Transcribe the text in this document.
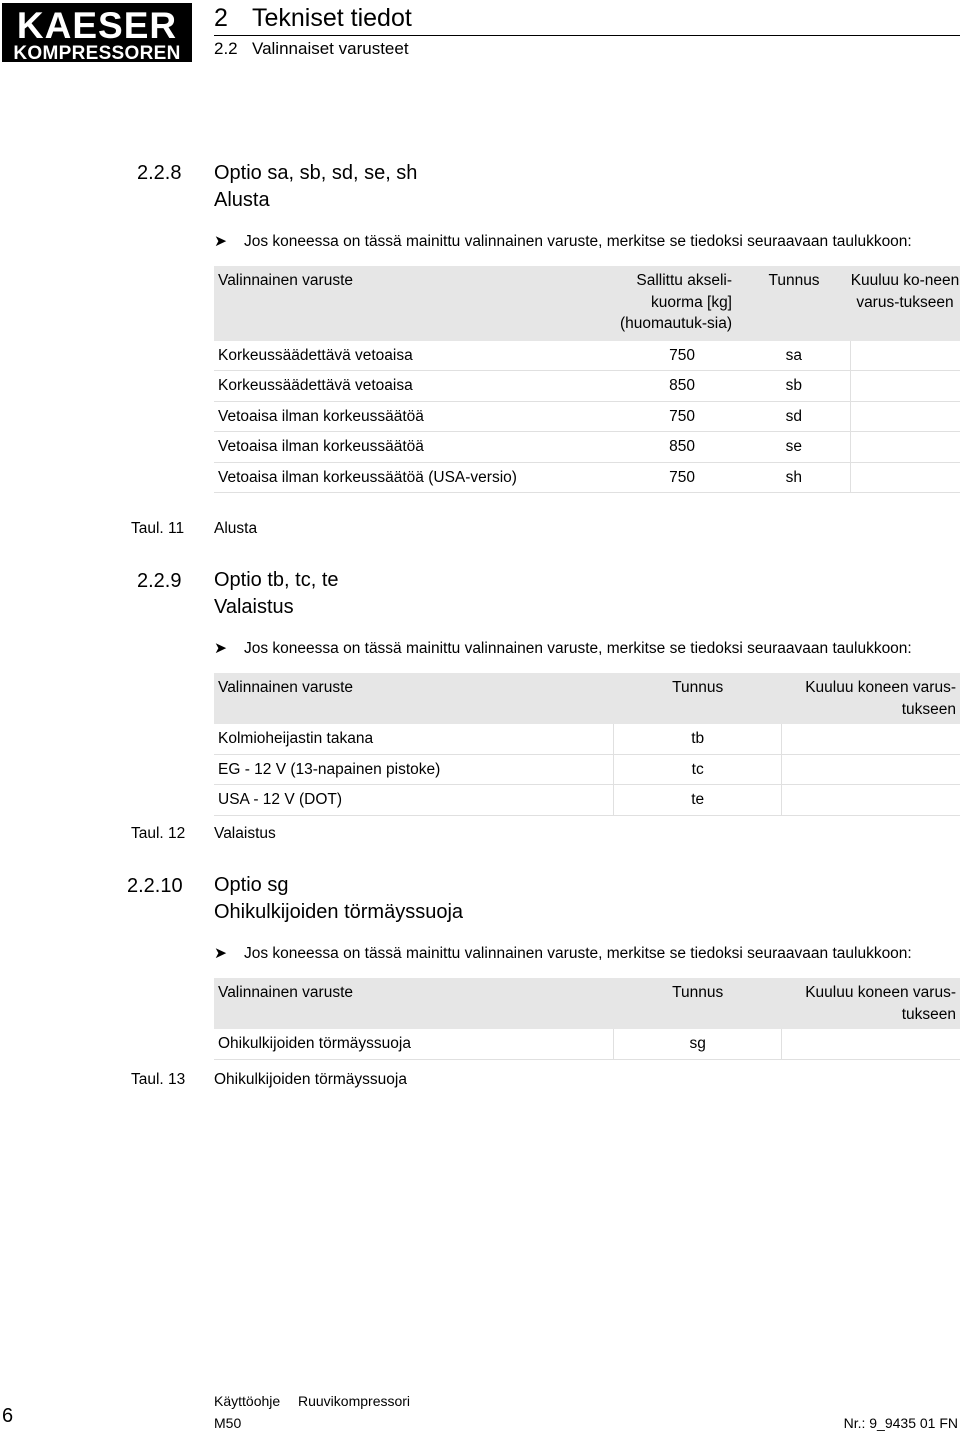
KAESER
KOMPRESSOREN
2 Tekniset tiedot
2.2 Valinnaiset varusteet
2.2.8 Optio sa, sb, sd, se, sh
Alusta
➤ Jos koneessa on tässä mainittu valinnainen varuste, merkitse se tiedoksi seuraavaan taulukkoon:
Valinnainen varuste	Sallittu akseli-kuorma [kg] (huomautuk-sia)	Tunnus	Kuuluu ko-neen varus-tukseen
Korkeussäädettävä vetoaisa	750	sa	
Korkeussäädettävä vetoaisa	850	sb	
Vetoaisa ilman korkeussäätöä	750	sd	
Vetoaisa ilman korkeussäätöä	850	se	
Vetoaisa ilman korkeussäätöä (USA-versio)	750	sh	
Taul. 11 Alusta
2.2.9 Optio tb, tc, te
Valaistus
➤ Jos koneessa on tässä mainittu valinnainen varuste, merkitse se tiedoksi seuraavaan taulukkoon:
Valinnainen varuste	Tunnus	Kuuluu koneen varus-tukseen
Kolmioheijastin takana	tb	
EG - 12 V (13-napainen pistoke)	tc	
USA - 12 V (DOT)	te	
Taul. 12 Valaistus
2.2.10 Optio sg
Ohikulkijoiden törmäyssuoja
➤ Jos koneessa on tässä mainittu valinnainen varuste, merkitse se tiedoksi seuraavaan taulukkoon:
Valinnainen varuste	Tunnus	Kuuluu koneen varus-tukseen
Ohikulkijoiden törmäyssuoja	sg	
Taul. 13 Ohikulkijoiden törmäyssuoja
6
Käyttöohje Ruuvikompressori
M50	Nr.: 9_9435 01 FN
